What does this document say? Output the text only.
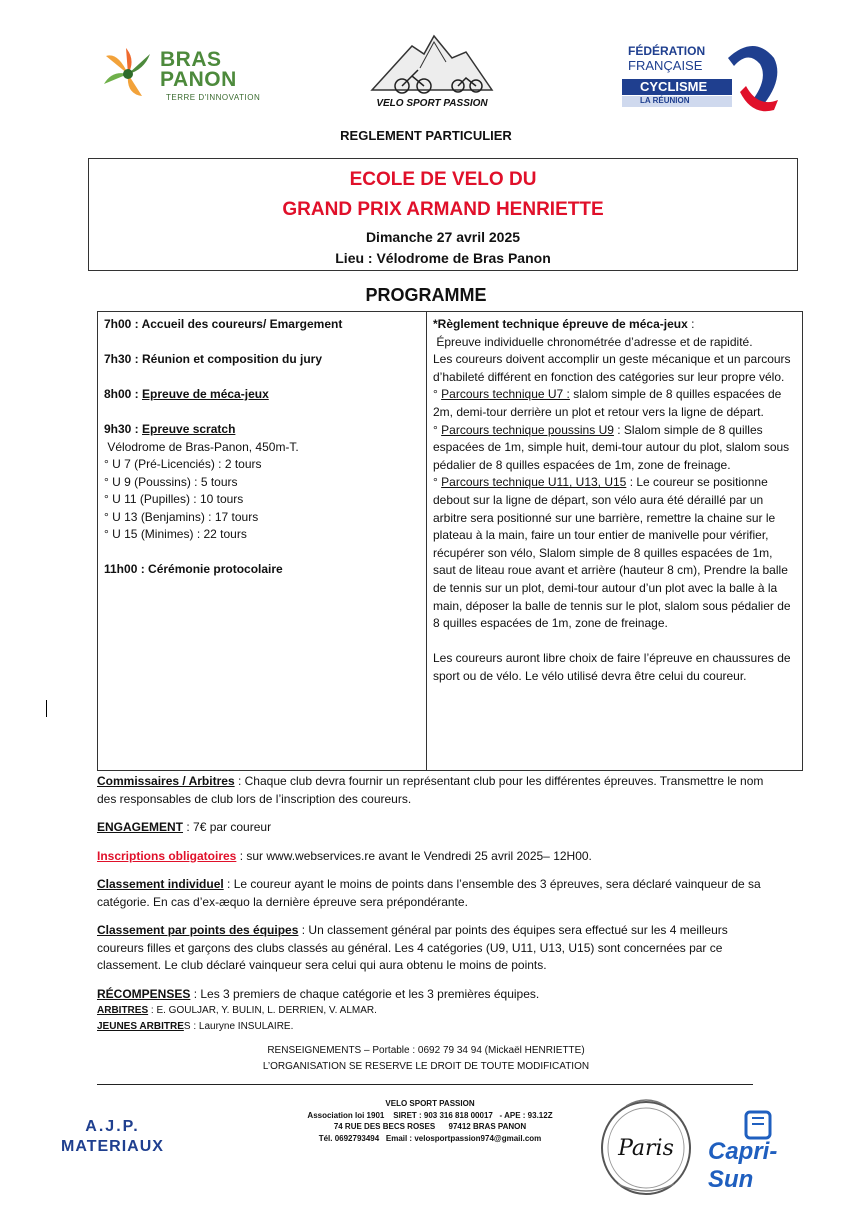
BRAS
PANON
TERRE D'INNOVATION
VELO SPORT PASSION
FÉDÉRATION
FRANÇAISE
CYCLISME
LA RÉUNION
REGLEMENT PARTICULIER
ECOLE DE VELO DU
GRAND PRIX ARMAND HENRIETTE
Dimanche 27 avril 2025
Lieu : Vélodrome de Bras Panon
PROGRAMME
7h00 : Accueil des coureurs/ Emargement
7h30 : Réunion et composition du jury
8h00 : Epreuve de méca-jeux
9h30 : Epreuve scratch
Vélodrome de Bras-Panon, 450m-T.
° U 7 (Pré-Licenciés) : 2 tours
° U 9 (Poussins) : 5 tours
° U 11 (Pupilles) : 10 tours
° U 13 (Benjamins) : 17 tours
° U 15 (Minimes) : 22 tours
11h00 : Cérémonie protocolaire
*Règlement technique épreuve de méca-jeux :
Épreuve individuelle chronométrée d’adresse et de rapidité.
Les coureurs doivent accomplir un geste mécanique et un parcours d’habileté différent en fonction des catégories sur leur propre vélo.
° Parcours technique U7 : slalom simple de 8 quilles espacées de 2m, demi-tour derrière un plot et retour vers la ligne de départ.
° Parcours technique poussins U9 : Slalom simple de 8 quilles espacées de 1m, simple huit, demi-tour autour du plot, slalom sous pédalier de 8 quilles espacées de 1m, zone de freinage.
° Parcours technique U11, U13, U15 : Le coureur se positionne debout sur la ligne de départ, son vélo aura été déraillé par un arbitre sera positionné sur une barrière, remettre la chaine sur le plateau à la main, faire un tour entier de manivelle pour vérifier, récupérer son vélo, Slalom simple de 8 quilles espacées de 1m, saut de liteau roue avant et arrière (hauteur 8 cm), Prendre la balle de tennis sur un plot, demi-tour autour d’un plot avec la balle à la main, déposer la balle de tennis sur le plot, slalom sous pédalier de 8 quilles espacées de 1m, zone de freinage.
Les coureurs auront libre choix de faire l’épreuve en chaussures de sport ou de vélo. Le vélo utilisé devra être celui du coureur.

Commissaires / Arbitres : Chaque club devra fournir un représentant club pour les différentes épreuves. Transmettre le nom des responsables de club lors de l’inscription des coureurs.

ENGAGEMENT : 7€ par coureur

Inscriptions obligatoires : sur www.webservices.re avant le Vendredi 25 avril 2025– 12H00.

Classement individuel : Le coureur ayant le moins de points dans l’ensemble des 3 épreuves, sera déclaré vainqueur de sa catégorie. En cas d’ex-æquo la dernière épreuve sera prépondérante.

Classement par points des équipes : Un classement général par points des équipes sera effectué sur les 4 meilleurs coureurs filles et garçons des clubs classés au général. Les 4 catégories (U9, U11, U13, U15) sont concernées par ce classement. Le club déclaré vainqueur sera celui qui aura obtenu le moins de points.

RÉCOMPENSES : Les 3 premiers de chaque catégorie et les 3 premières équipes.

ARBITRES : E. GOULJAR, Y. BULIN, L. DERRIEN, V. ALMAR.

JEUNES ARBITRES : Lauryne INSULAIRE.

RENSEIGNEMENTS – Portable : 0692 79 34 94 (Mickaël HENRIETTE)
L’ORGANISATION SE RESERVE LE DROIT DE TOUTE MODIFICATION
VELO SPORT PASSION
Association loi 1901    SIRET : 903 316 818 00017   - APE : 93.12Z
74 RUE DES BECS ROSES      97412 BRAS PANON
Tél. 0692793494   Email : velosportpassion974@gmail.com
A.J.P.
MATERIAUX	Paris	Capri-Sun
